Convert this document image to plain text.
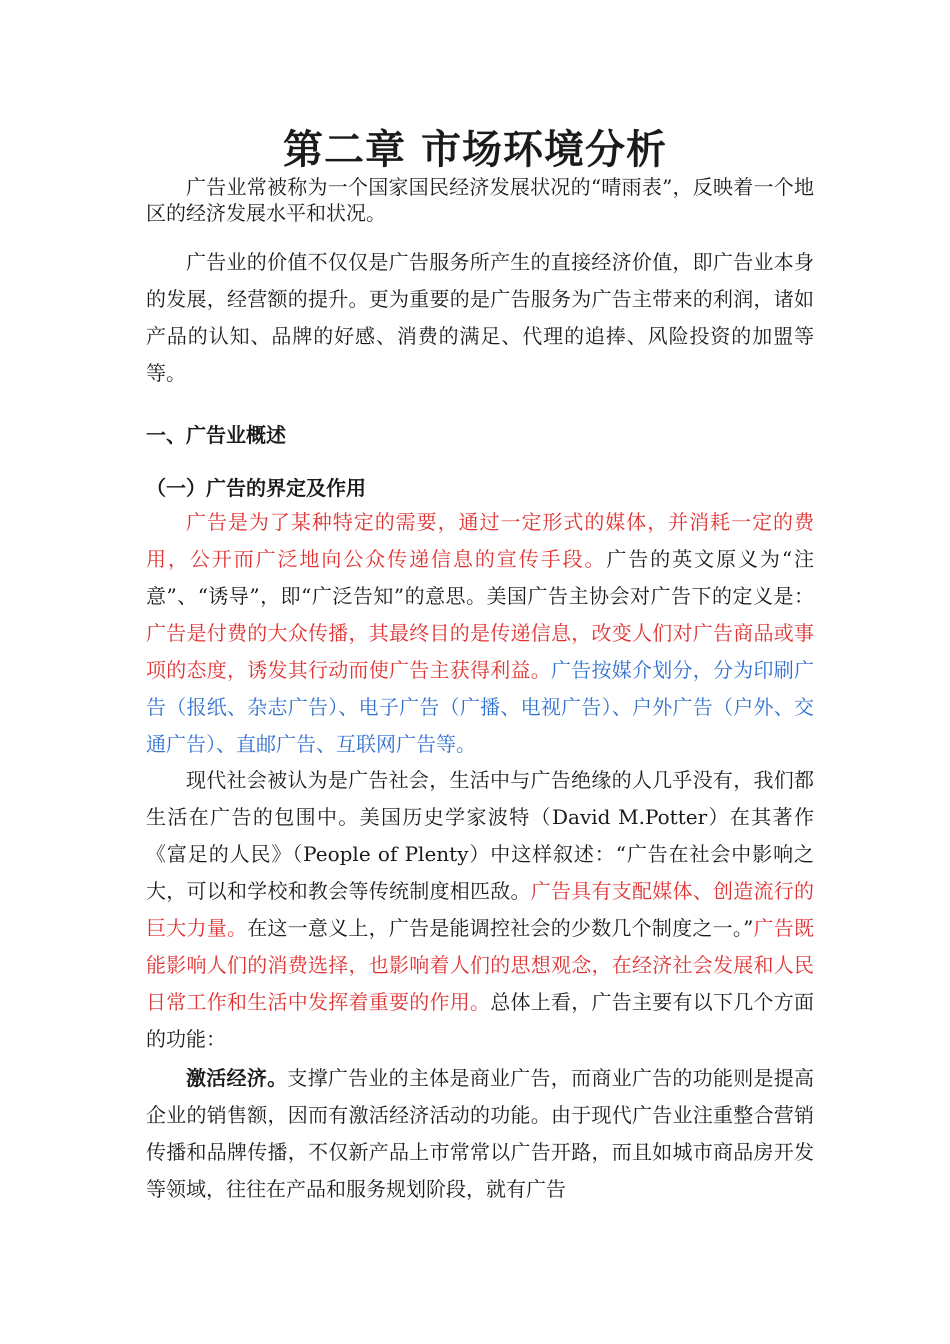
第二章 市场环境分析

广告业常被称为一个国家国民经济发展状况的“晴雨表”，反映着一个地区的经济发展水平和状况。

广告业的价值不仅仅是广告服务所产生的直接经济价值，即广告业本身的发展，经营额的提升。更为重要的是广告服务为广告主带来的利润，诸如产品的认知、品牌的好感、消费的满足、代理的追捧、风险投资的加盟等等。

一、广告业概述
（一）广告的界定及作用

广告是为了某种特定的需要，通过一定形式的媒体，并消耗一定的费用，公开而广泛地向公众传递信息的宣传手段。广告的英文原义为“注意”、“诱导”，即“广泛告知”的意思。美国广告主协会对广告下的定义是：广告是付费的大众传播，其最终目的是传递信息，改变人们对广告商品或事项的态度，诱发其行动而使广告主获得利益。广告按媒介划分，分为印刷广告（报纸、杂志广告）、电子广告（广播、电视广告）、户外广告（户外、交通广告）、直邮广告、互联网广告等。

现代社会被认为是广告社会，生活中与广告绝缘的人几乎没有，我们都生活在广告的包围中。美国历史学家波特（David M.Potter）在其著作《富足的人民》（People of Plenty）中这样叙述：“广告在社会中影响之大，可以和学校和教会等传统制度相匹敌。广告具有支配媒体、创造流行的巨大力量。在这一意义上，广告是能调控社会的少数几个制度之一。”广告既能影响人们的消费选择，也影响着人们的思想观念，在经济社会发展和人民日常工作和生活中发挥着重要的作用。总体上看，广告主要有以下几个方面的功能：

激活经济。支撑广告业的主体是商业广告，而商业广告的功能则是提高企业的销售额，因而有激活经济活动的功能。由于现代广告业注重整合营销传播和品牌传播，不仅新产品上市常常以广告开路，而且如城市商品房开发等领域，往往在产品和服务规划阶段，就有广告
